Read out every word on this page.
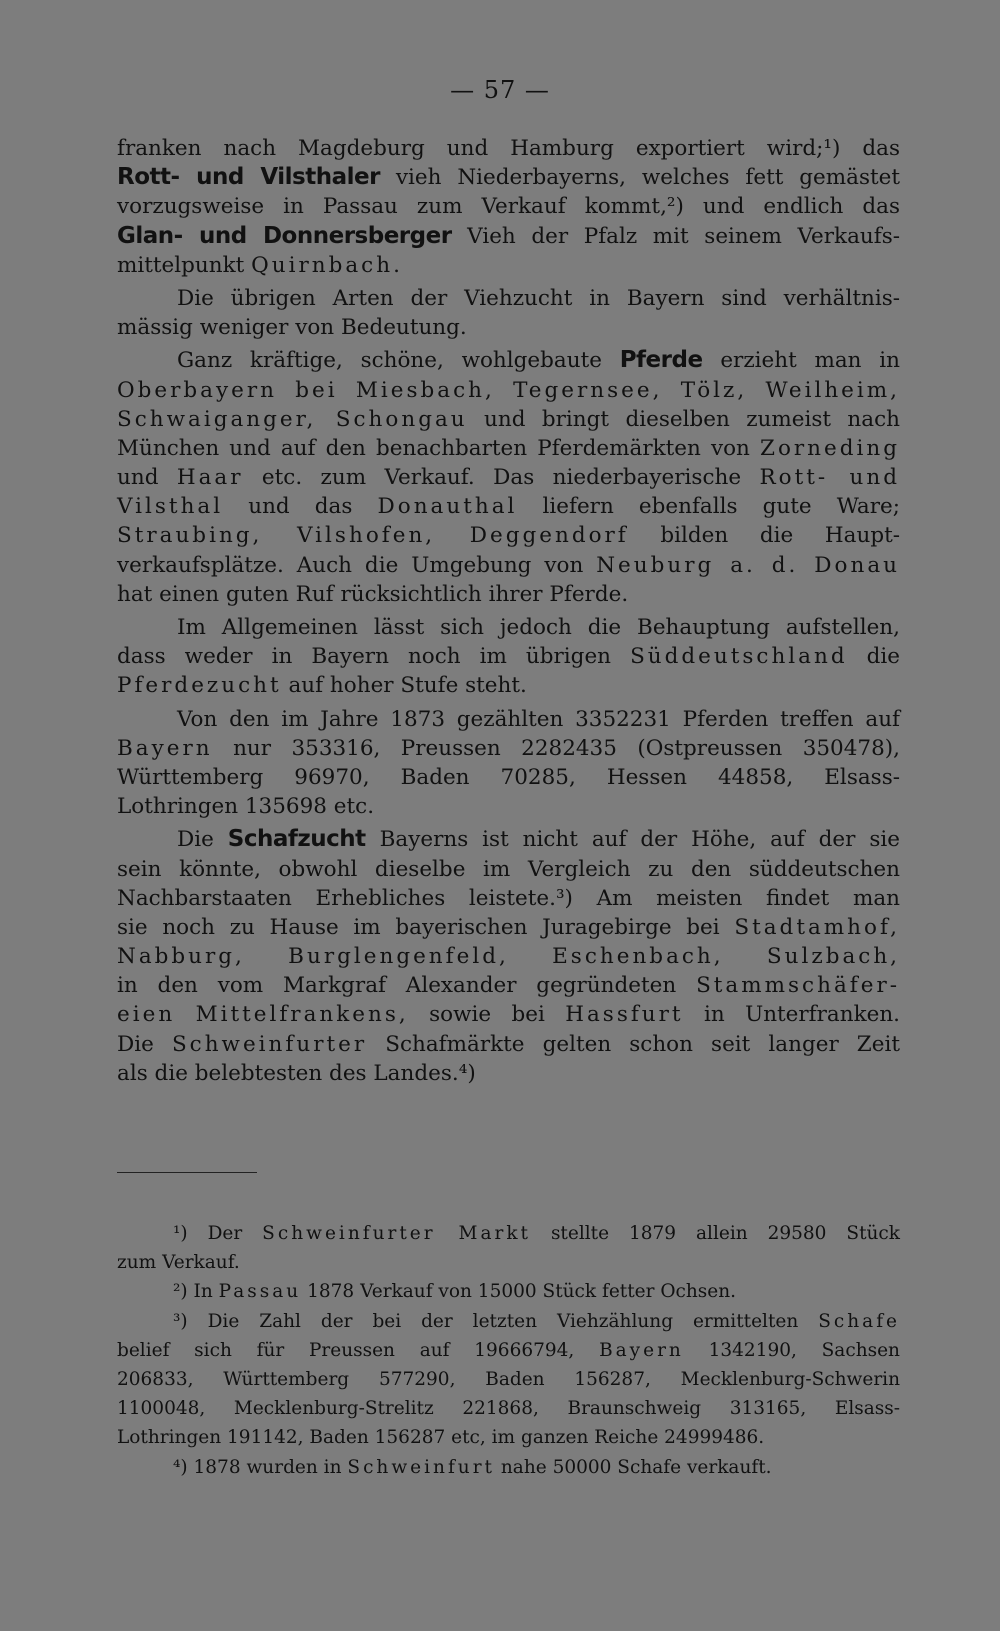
— 57 —
franken nach Magdeburg und Hamburg exportiert wird;¹) das
Rott- und Vilsthaler vieh Niederbayerns, welches fett gemästet
vorzugsweise in Passau zum Verkauf kommt,²) und endlich das
Glan- und Donnersberger Vieh der Pfalz mit seinem Verkaufs-
mittelpunkt Quirnbach.
Die übrigen Arten der Viehzucht in Bayern sind verhältnis-
mässig weniger von Bedeutung.
Ganz kräftige, schöne, wohlgebaute Pferde erzieht man in
Oberbayern bei Miesbach, Tegernsee, Tölz, Weilheim,
Schwaiganger, Schongau und bringt dieselben zumeist nach
München und auf den benachbarten Pferdemärkten von Zorneding
und Haar etc. zum Verkauf. Das niederbayerische Rott- und
Vilsthal und das Donauthal liefern ebenfalls gute Ware;
Straubing, Vilshofen, Deggendorf bilden die Haupt-
verkaufsplätze. Auch die Umgebung von Neuburg a. d. Donau
hat einen guten Ruf rücksichtlich ihrer Pferde.
Im Allgemeinen lässt sich jedoch die Behauptung aufstellen,
dass weder in Bayern noch im übrigen Süddeutschland die
Pferdezucht auf hoher Stufe steht.
Von den im Jahre 1873 gezählten 3352231 Pferden treffen auf
Bayern nur 353316, Preussen 2282435 (Ostpreussen 350478),
Württemberg 96970, Baden 70285, Hessen 44858, Elsass-
Lothringen 135698 etc.
Die Schafzucht Bayerns ist nicht auf der Höhe, auf der sie
sein könnte, obwohl dieselbe im Vergleich zu den süddeutschen
Nachbarstaaten Erhebliches leistete.³) Am meisten findet man
sie noch zu Hause im bayerischen Juragebirge bei Stadtamhof,
Nabburg, Burglengenfeld, Eschenbach, Sulzbach,
in den vom Markgraf Alexander gegründeten Stammschäfer-
eien Mittelfrankens, sowie bei Hassfurt in Unterfranken.
Die Schweinfurter Schafmärkte gelten schon seit langer Zeit
als die belebtesten des Landes.⁴)
¹) Der Schweinfurter Markt stellte 1879 allein 29580 Stück
zum Verkauf.
²) In Passau 1878 Verkauf von 15000 Stück fetter Ochsen.
³) Die Zahl der bei der letzten Viehzählung ermittelten Schafe
belief sich für Preussen auf 19666794, Bayern 1342190, Sachsen
206833, Württemberg 577290, Baden 156287, Mecklenburg-Schwerin
1100048, Mecklenburg-Strelitz 221868, Braunschweig 313165, Elsass-
Lothringen 191142, Baden 156287 etc, im ganzen Reiche 24999486.
⁴) 1878 wurden in Schweinfurt nahe 50000 Schafe verkauft.
